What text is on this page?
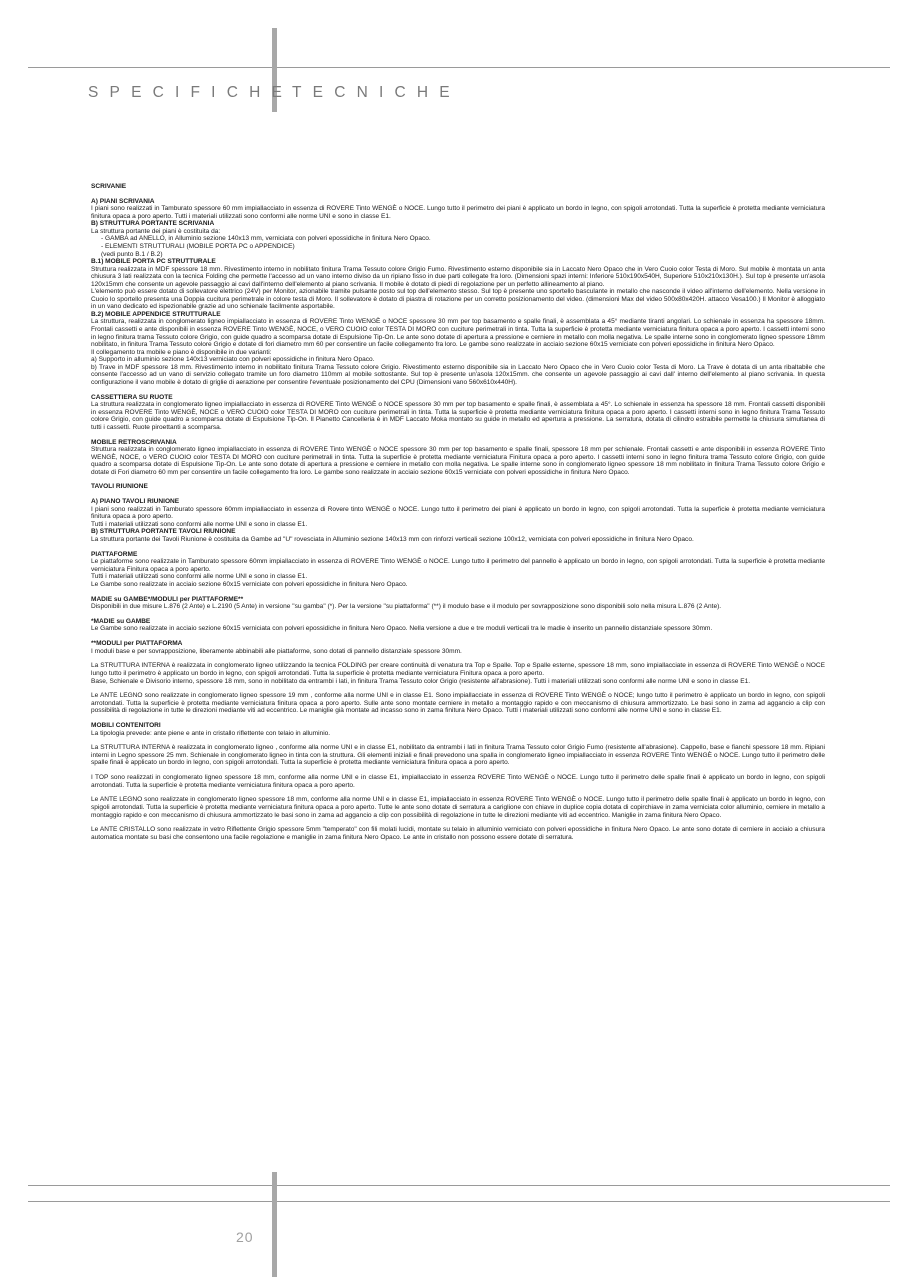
SPECIFICHE
TECNICHE

SCRIVANIE

A) PIANI SCRIVANIA

I piani sono realizzati in Tamburato spessore 60 mm impiallacciato in essenza di ROVERE Tinto WENGÈ o NOCE. Lungo tutto il perimetro dei piani è applicato un bordo in legno, con spigoli arrotondati. Tutta la superficie è protetta mediante verniciatura finitura opaca a poro aperto. Tutti i materiali utilizzati sono conformi alle norme UNI e sono in classe E1.

B) STRUTTURA PORTANTE SCRIVANIA

La struttura portante dei piani è costituita da:

- GAMBA ad ANELLO, in Alluminio sezione 140x13 mm, verniciata con polveri epossidiche in finitura Nero Opaco.

- ELEMENTI STRUTTURALI (MOBILE PORTA PC o APPENDICE)

(vedi punto B.1 / B.2)

B.1) MOBILE PORTA PC STRUTTURALE

Struttura realizzata in MDF spessore 18 mm. Rivestimento interno in nobilitato finitura Trama Tessuto colore Grigio Fumo. Rivestimento esterno disponibile sia in Laccato Nero Opaco che in Vero Cuoio color Testa di Moro. Sul mobile è montata un anta chiusura 3 lati realizzata con la tecnica Folding che permette l'accesso ad un vano interno diviso da un ripiano fisso in due parti collegate fra loro. (Dimensioni spazi interni: Inferiore 510x190x540H, Superiore 510x210x130H.). Sul top è presente un'asola 120x15mm che consente un agevole passaggio ai cavi dall'interno dell'elemento al piano scrivania. Il mobile è dotato di piedi di regolazione per un perfetto allineamento al piano.

L'elemento può essere dotato di sollevatore elettrico (24V) per Monitor, azionabile tramite pulsante posto sul top dell'elemento stesso. Sul top è presente uno sportello basculante in metallo che nasconde il video all'interno dell'elemento. Nella versione in Cuoio lo sportello presenta una Doppia cucitura perimetrale in colore testa di Moro. Il sollevatore è dotato di piastra di rotazione per un corretto posizionamento del video. (dimensioni Max del video 500x80x420H. attacco Vesa100.) Il Monitor è alloggiato in un vano dedicato ed ispezionabile grazie ad uno schienale facilmente asportabile.

B.2) MOBILE APPENDICE STRUTTURALE

La struttura, realizzata in conglomerato ligneo impiallacciato in essenza di ROVERE Tinto WENGÈ o NOCE spessore 30 mm per top basamento e spalle finali, è assemblata a 45° mediante tiranti angolari. Lo schienale in essenza ha spessore 18mm. Frontali cassetti e ante disponibili in essenza ROVERE Tinto WENGÈ, NOCE, o VERO CUOIO color TESTA DI MORO con cuciture perimetrali in tinta. Tutta la superficie è protetta mediante verniciatura finitura opaca a poro aperto. I cassetti interni sono in legno finitura trama Tessuto colore Grigio, con guide quadro a scomparsa dotate di Espulsione Tip-On. Le ante sono dotate di apertura a pressione e cerniere in metallo con molla negativa. Le spalle interne sono in conglomerato ligneo spessore 18mm nobilitato, in finitura Trama Tessuto colore Grigio e dotate di fori diametro mm 60 per consentire un facile collegamento fra loro. Le gambe sono realizzate in acciaio sezione 60x15 verniciate con polveri epossidiche in finitura Nero Opaco.

Il collegamento tra mobile e piano è disponibile in due varianti:

a) Supporto in alluminio sezione 140x13 verniciato con polveri epossidiche in finitura Nero Opaco.

b) Trave in MDF spessore 18 mm. Rivestimento interno in nobilitato finitura Trama Tessuto colore Grigio. Rivestimento esterno disponibile sia in Laccato Nero Opaco che in Vero Cuoio color Testa di Moro. La Trave è dotata di un anta ribaltabile che consente l'accesso ad un vano di servizio collegato tramite un foro diametro 110mm al mobile sottostante. Sul top è presente un'asola 120x15mm. che consente un agevole passaggio ai cavi dall' interno dell'elemento al piano scrivania. In questa configurazione il vano mobile è dotato di griglie di aerazione per consentire l'eventuale posizionamento del CPU (Dimensioni vano 560x610x440H).

CASSETTIERA SU RUOTE

La struttura realizzata in conglomerato ligneo impiallacciato in essenza di ROVERE Tinto WENGÈ o NOCE spessore 30 mm per top basamento e spalle finali, è assemblata a 45°. Lo schienale in essenza ha spessore 18 mm. Frontali cassetti disponibili in essenza ROVERE Tinto WENGÈ, NOCE o VERO CUOIO color TESTA DI MORO con cuciture perimetrali in tinta. Tutta la superficie è protetta mediante verniciatura finitura opaca a poro aperto. I cassetti interni sono in legno finitura Trama Tessuto colore Grigio, con guide quadro a scomparsa dotate di Espulsione Tip-On. Il Pianetto Cancelleria è in MDF Laccato Moka montato su guide in metallo ed apertura a pressione. La serratura, dotata di cilindro estraibile permette la chiusura simultanea di tutti i cassetti. Ruote piroettanti a scomparsa.

MOBILE RETROSCRIVANIA

Struttura realizzata in conglomerato ligneo impiallacciato in essenza di ROVERE Tinto WENGÈ o NOCE spessore 30 mm per top basamento e spalle finali, spessore 18 mm per schienale. Frontali cassetti e ante disponibili in essenza ROVERE Tinto WENGÈ, NOCE, o VERO CUOIO color TESTA DI MORO con cuciture perimetrali in tinta. Tutta la superficie è protetta mediante verniciatura Finitura opaca a poro aperto. I cassetti interni sono in legno finitura trama Tessuto colore Grigio, con guide quadro a scomparsa dotate di Espulsione Tip-On. Le ante sono dotate di apertura a pressione e cerniere in metallo con molla negativa. Le spalle interne sono in conglomerato ligneo spessore 18 mm nobilitato in finitura Trama Tessuto colore Grigio e dotate di Fori diametro 60 mm per consentire un facile collegamento fra loro. Le gambe sono realizzate in acciaio sezione 60x15 verniciate con polveri epossidiche in finitura Nero Opaco.

TAVOLI RIUNIONE

A) PIANO TAVOLI RIUNIONE

I piani sono realizzati in Tamburato spessore 60mm impiallacciato in essenza di Rovere tinto WENGÈ o NOCE. Lungo tutto il perimetro dei piani è applicato un bordo in legno, con spigoli arrotondati. Tutta la superficie è protetta mediante verniciatura finitura opaca a poro aperto.

Tutti i materiali utilizzati sono conformi alle norme UNI e sono in classe E1.

B) STRUTTURA PORTANTE TAVOLI RIUNIONE

La struttura portante dei Tavoli Riunione è costituita da Gambe ad "U" rovesciata in Alluminio sezione 140x13 mm con rinforzi verticali sezione 100x12, verniciata con polveri epossidiche in finitura Nero Opaco.

PIATTAFORME

Le piattaforme sono realizzate in Tamburato spessore 60mm impiallacciato in essenza di ROVERE Tinto WENGÈ o NOCE. Lungo tutto il perimetro del pannello è applicato un bordo in legno, con spigoli arrotondati. Tutta la superficie è protetta mediante verniciatura Finitura opaca a poro aperto.

Tutti i materiali utilizzati sono conformi alle norme UNI e sono in classe E1.

Le Gambe sono realizzate in acciaio sezione 60x15 verniciate con polveri epossidiche in finitura Nero Opaco.

MADIE su GAMBE*/MODULI per PIATTAFORME**

Disponibili in due misure L.876 (2 Ante) e L.2190 (5 Ante) in versione "su gamba" (*). Per la versione "su piattaforma" (**) il modulo base e il modulo per sovrapposizione sono disponibili solo nella misura L.876 (2 Ante).

*MADIE su GAMBE

Le Gambe sono realizzate in acciaio sezione 60x15 verniciata con polveri epossidiche in finitura Nero Opaco. Nella versione a due e tre moduli verticali tra le madie è inserito un pannello distanziale spessore 30mm.

**MODULI per PIATTAFORMA

I moduli base e per sovrapposizione, liberamente abbinabili alle piattaforme, sono dotati di pannello distanziale spessore 30mm.

La STRUTTURA INTERNA è realizzata in conglomerato ligneo utilizzando la tecnica FOLDING per creare continuità di venatura tra Top e Spalle. Top e Spalle esterne, spessore 18 mm, sono impiallacciate in essenza di ROVERE Tinto WENGÈ o NOCE lungo tutto il perimetro è applicato un bordo in legno, con spigoli arrotondati. Tutta la superficie è protetta mediante verniciatura Finitura opaca a poro aperto.

Base, Schienale e Divisorio interno, spessore 18 mm, sono in nobilitato da entrambi i lati, in finitura Trama Tessuto color Grigio (resistente all'abrasione). Tutti i materiali utilizzati sono conformi alle norme UNI e sono in classe E1.

Le ANTE LEGNO sono realizzate in conglomerato ligneo spessore 19 mm , conforme alla norme UNI e in classe E1. Sono impiallacciate in essenza di ROVERE Tinto WENGÈ o NOCE; lungo tutto il perimetro è applicato un bordo in legno, con spigoli arrotondati. Tutta la superficie è protetta mediante verniciatura finitura opaca a poro aperto. Sulle ante sono montate cerniere in metallo a montaggio rapido e con meccanismo di chiusura ammortizzato. Le basi sono in zama ad aggancio a clip con possibilità di regolazione in tutte le direzioni mediante viti ad eccentrico. Le maniglie già montate ad incasso sono in zama finitura Nero Opaco. Tutti i materiali utilizzati sono conformi alle norme UNI e sono in classe E1.

MOBILI CONTENITORI

La tipologia prevede: ante piene e ante in cristallo riflettente con telaio in alluminio.

La STRUTTURA INTERNA è realizzata in conglomerato ligneo , conforme alla norme UNI e in classe E1, nobilitato da entrambi i lati in finitura Trama Tessuto color Grigio Fumo (resistente all'abrasione). Cappello, base e fianchi spessore 18 mm. Ripiani interni in Legno spessore 25 mm. Schienale in conglomerato ligneo in tinta con la struttura. Gli elementi iniziali e finali prevedono una spalla in conglomerato ligneo impiallacciato in essenza ROVERE Tinto WENGÈ o NOCE. Lungo tutto il perimetro delle spalle finali è applicato un bordo in legno, con spigoli arrotondati. Tutta la superficie è protetta mediante verniciatura finitura opaca a poro aperto.

I TOP sono realizzati in conglomerato ligneo spessore 18 mm, conforme alla norme UNI e in classe E1, impiallacciato in essenza ROVERE Tinto WENGÈ o NOCE. Lungo tutto il perimetro delle spalle finali è applicato un bordo in legno, con spigoli arrotondati. Tutta la superficie è protetta mediante verniciatura finitura opaca a poro aperto.

Le ANTE LEGNO sono realizzate in conglomerato ligneo spessore 18 mm, conforme alla norme UNI e in classe E1, impiallacciato in essenza ROVERE Tinto WENGÈ o NOCE. Lungo tutto il perimetro delle spalle finali è applicato un bordo in legno, con spigoli arrotondati. Tutta la superficie è protetta mediante verniciatura finitura opaca a poro aperto. Tutte le ante sono dotate di serratura a cariglione con chiave in duplice copia dotata di copirchiave in zama verniciata color alluminio, cerniere in metallo a montaggio rapido e con meccanismo di chiusura ammortizzato le basi sono in zama ad aggancio a clip con possibilità di regolazione in tutte le direzioni mediante viti ad eccentrico. Maniglie in zama finitura Nero Opaco.

Le ANTE CRISTALLO sono realizzate in vetro Riflettente Grigio spessore 5mm "temperato" con fili molati lucidi, montate su telaio in alluminio verniciato con polveri epossidiche in finitura Nero Opaco. Le ante sono dotate di cerniere in acciaio a chiusura automatica montate su basi che consentono una facile regolazione e maniglie in zama finitura Nero Opaco. Le ante in cristallo non possono essere dotate di serratura.

20
